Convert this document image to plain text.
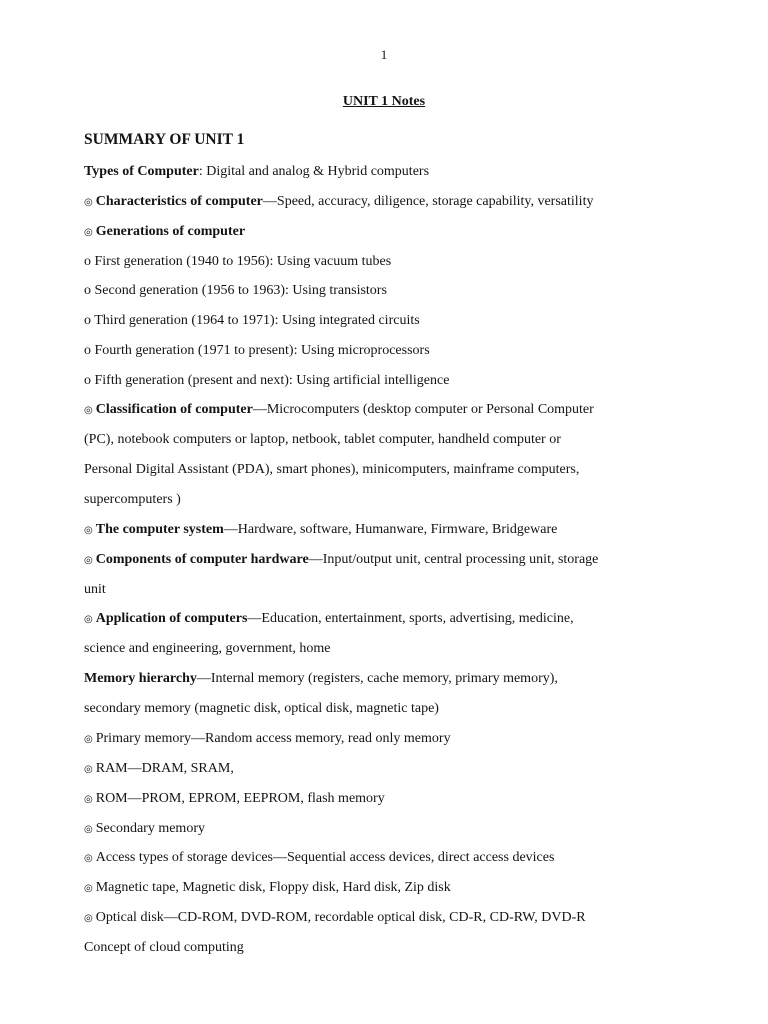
1
UNIT 1 Notes
SUMMARY OF UNIT 1
Types of Computer: Digital and analog & Hybrid computers
◎ Characteristics of computer—Speed, accuracy, diligence, storage capability, versatility
◎ Generations of computer
o First generation (1940 to 1956): Using vacuum tubes
o Second generation (1956 to 1963): Using transistors
o Third generation (1964 to 1971): Using integrated circuits
o Fourth generation (1971 to present): Using microprocessors
o Fifth generation (present and next): Using artificial intelligence
◎ Classification of computer—Microcomputers (desktop computer or Personal Computer
(PC), notebook computers or laptop, netbook, tablet computer, handheld computer or
Personal Digital Assistant (PDA), smart phones), minicomputers, mainframe computers,
supercomputers )
◎ The computer system—Hardware, software, Humanware, Firmware, Bridgeware
◎ Components of computer hardware—Input/output unit, central processing unit, storage
unit
◎ Application of computers—Education, entertainment, sports, advertising, medicine,
science and engineering, government, home
Memory hierarchy—Internal memory (registers, cache memory, primary memory),
secondary memory (magnetic disk, optical disk, magnetic tape)
◎ Primary memory—Random access memory, read only memory
◎ RAM—DRAM, SRAM,
◎ ROM—PROM, EPROM, EEPROM, flash memory
◎ Secondary memory
◎ Access types of storage devices—Sequential access devices, direct access devices
◎ Magnetic tape, Magnetic disk, Floppy disk, Hard disk, Zip disk
◎ Optical disk—CD-ROM, DVD-ROM, recordable optical disk, CD-R, CD-RW, DVD-R
Concept of cloud computing
